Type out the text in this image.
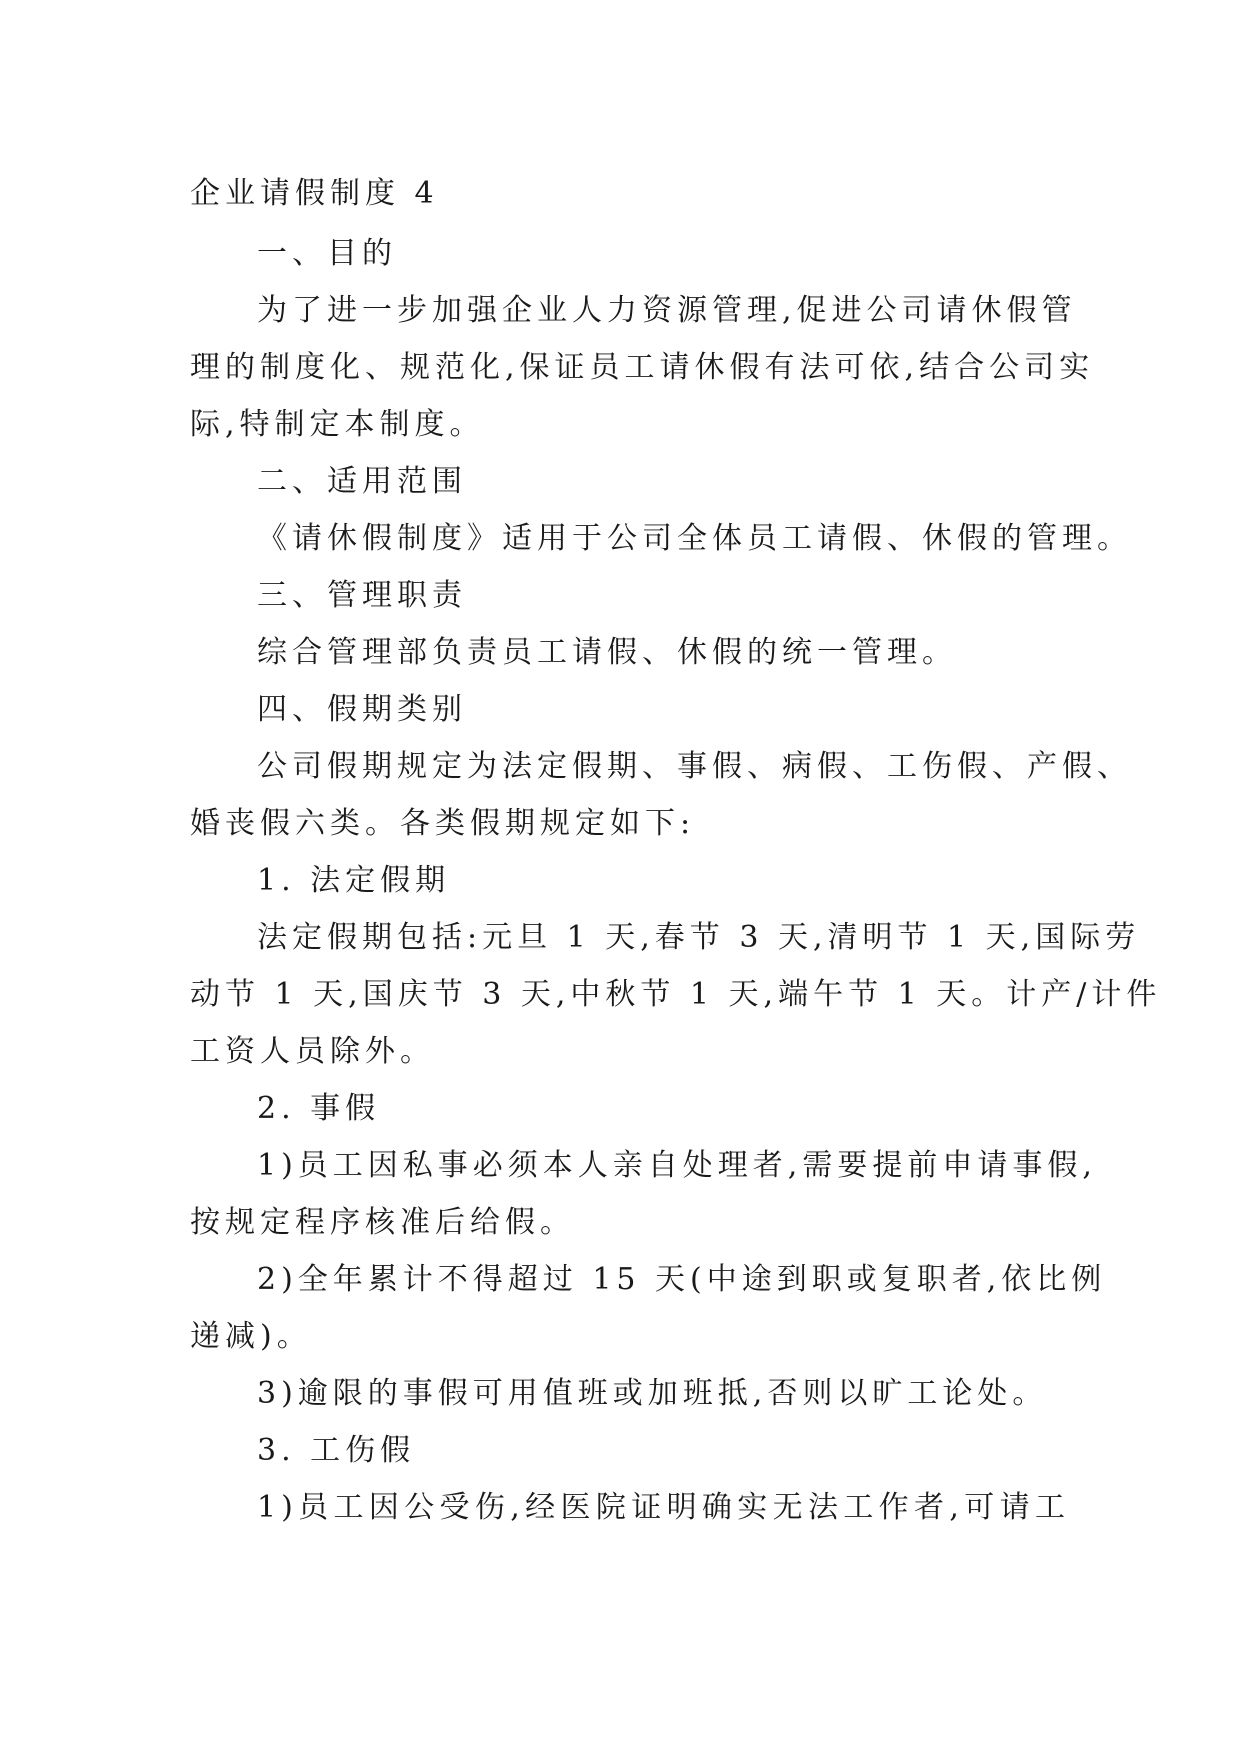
企业请假制度 4
一、目的
为了进一步加强企业人力资源管理,促进公司请休假管
理的制度化、规范化,保证员工请休假有法可依,结合公司实
际,特制定本制度。
二、适用范围
《请休假制度》适用于公司全体员工请假、休假的管理。
三、管理职责
综合管理部负责员工请假、休假的统一管理。
四、假期类别
公司假期规定为法定假期、事假、病假、工伤假、产假、
婚丧假六类。各类假期规定如下:
1. 法定假期
法定假期包括:元旦 1 天,春节 3 天,清明节 1 天,国际劳
动节 1 天,国庆节 3 天,中秋节 1 天,端午节 1 天。计产/计件
工资人员除外。
2. 事假
1)员工因私事必须本人亲自处理者,需要提前申请事假,
按规定程序核准后给假。
2)全年累计不得超过 15 天(中途到职或复职者,依比例
递减)。
3)逾限的事假可用值班或加班抵,否则以旷工论处。
3. 工伤假
1)员工因公受伤,经医院证明确实无法工作者,可请工
